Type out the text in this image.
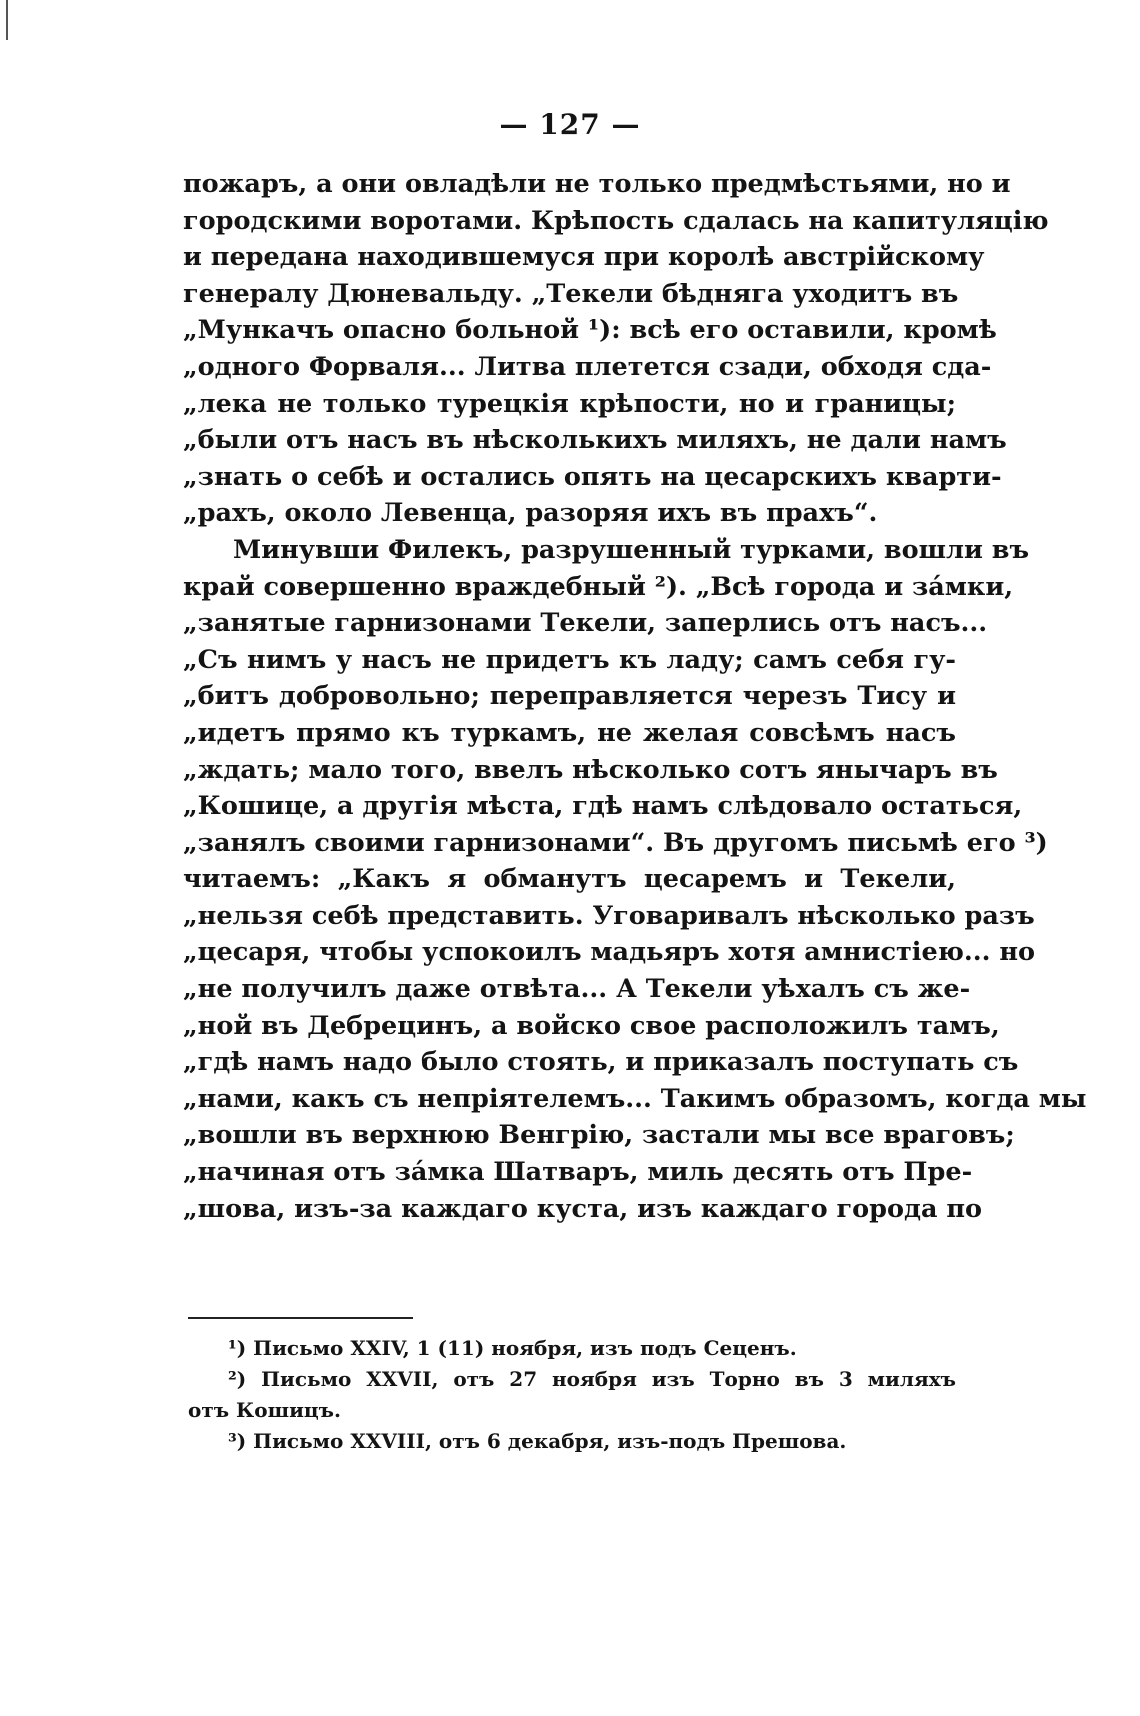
— 127 —
пожаръ, а они овладѣли не только предмѣстьями, но и
городскими воротами. Крѣпость сдалась на капитуляцію
и передана находившемуся при королѣ австрійскому
генералу Дюневальду. „Текели бѣдняга уходитъ въ
„Мункачъ опасно больной ¹): всѣ его оставили, кромѣ
„одного Форваля... Литва плетется сзади, обходя сда-
„лека не только турецкія крѣпости, но и границы;
„были отъ насъ въ нѣсколькихъ миляхъ, не дали намъ
„знать о себѣ и остались опять на цесарскихъ кварти-
„рахъ, около Левенца, разоряя ихъ въ прахъ“.
Минувши Филекъ, разрушенный турками, вошли въ
край совершенно враждебный ²). „Всѣ города и за́мки,
„занятые гарнизонами Текели, заперлись отъ насъ...
„Съ нимъ у насъ не придетъ къ ладу; самъ себя гу-
„битъ добровольно; переправляется черезъ Тису и
„идетъ прямо къ туркамъ, не желая совсѣмъ насъ
„ждать; мало того, ввелъ нѣсколько сотъ янычаръ въ
„Кошице, а другія мѣста, гдѣ намъ слѣдовало остаться,
„занялъ своими гарнизонами“. Въ другомъ письмѣ его ³)
читаемъ: „Какъ я обманутъ цесаремъ и Текели,
„нельзя себѣ представить. Уговаривалъ нѣсколько разъ
„цесаря, чтобы успокоилъ мадьяръ хотя амнистіею... но
„не получилъ даже отвѣта... А Текели уѣхалъ съ же-
„ной въ Дебрецинъ, а войско свое расположилъ тамъ,
„гдѣ намъ надо было стоять, и приказалъ поступать съ
„нами, какъ съ непріятелемъ... Такимъ образомъ, когда мы
„вошли въ верхнюю Венгрію, застали мы все враговъ;
„начиная отъ за́мка Шатваръ, миль десять отъ Пре-
„шова, изъ-за каждаго куста, изъ каждаго города по
¹) Письмо XXIV, 1 (11) ноября, изъ подъ Сеценъ.
²) Письмо XXVII, отъ 27 ноября изъ Торно въ 3 миляхъ
отъ Кошицъ.
³) Письмо XXVIII, отъ 6 декабря, изъ-подъ Прешова.
